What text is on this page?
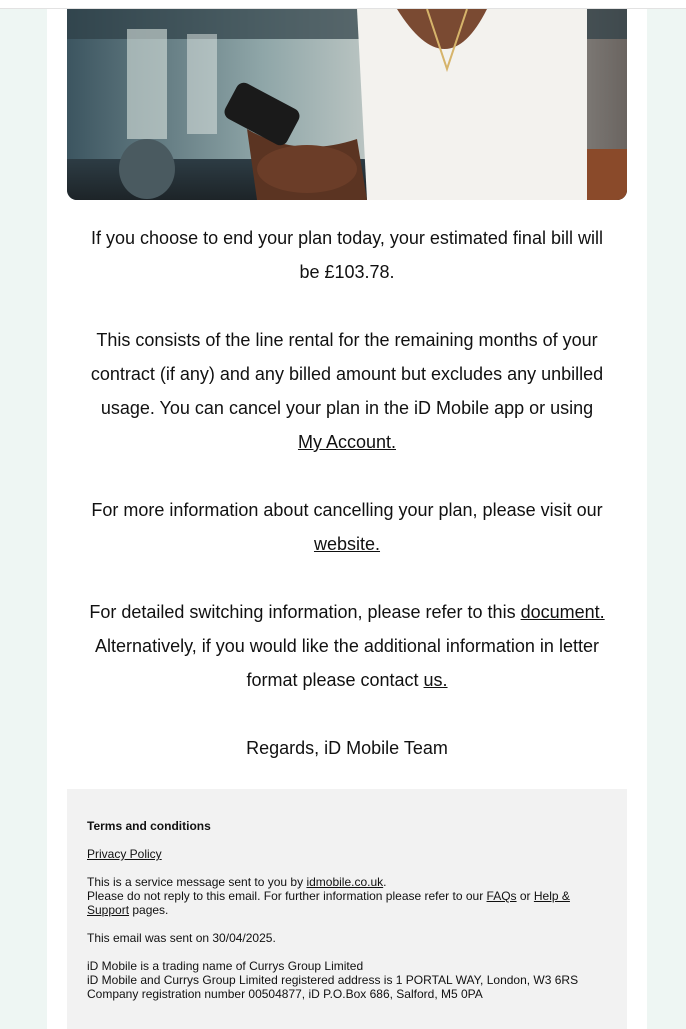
If you choose to end your plan today, your estimated final bill will be £103.78.

This consists of the line rental for the remaining months of your contract (if any) and any billed amount but excludes any unbilled usage. You can cancel your plan in the iD Mobile app or using My Account.

For more information about cancelling your plan, please visit our website.

For detailed switching information, please refer to this document. Alternatively, if you would like the additional information in letter format please contact us.

Regards, iD Mobile Team

Terms and conditions

Privacy Policy

This is a service message sent to you by idmobile.co.uk.

Please do not reply to this email. For further information please refer to our FAQs or Help & Support pages.

This email was sent on 30/04/2025.

iD Mobile is a trading name of Currys Group Limited

iD Mobile and Currys Group Limited registered address is 1 PORTAL WAY, London, W3 6RS

Company registration number 00504877, iD P.O.Box 686, Salford, M5 0PA
